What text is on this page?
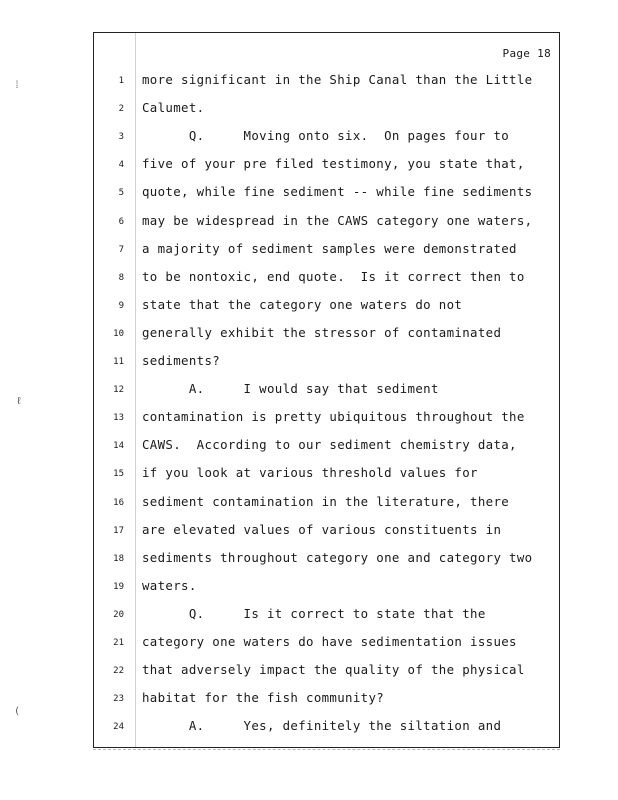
Page 18
1 more significant in the Ship Canal than the Little
2 Calumet.
3 Q.     Moving onto six.  On pages four to
4 five of your pre filed testimony, you state that,
5 quote, while fine sediment -- while fine sediments
6 may be widespread in the CAWS category one waters,
7 a majority of sediment samples were demonstrated
8 to be nontoxic, end quote.  Is it correct then to
9 state that the category one waters do not
10 generally exhibit the stressor of contaminated
11 sediments?
12 A.     I would say that sediment
13 contamination is pretty ubiquitous throughout the
14 CAWS.  According to our sediment chemistry data,
15 if you look at various threshold values for
16 sediment contamination in the literature, there
17 are elevated values of various constituents in
18 sediments throughout category one and category two
19 waters.
20 Q.     Is it correct to state that the
21 category one waters do have sedimentation issues
22 that adversely impact the quality of the physical
23 habitat for the fish community?
24 A.     Yes, definitely the siltation and
⁞
ℓ
(
